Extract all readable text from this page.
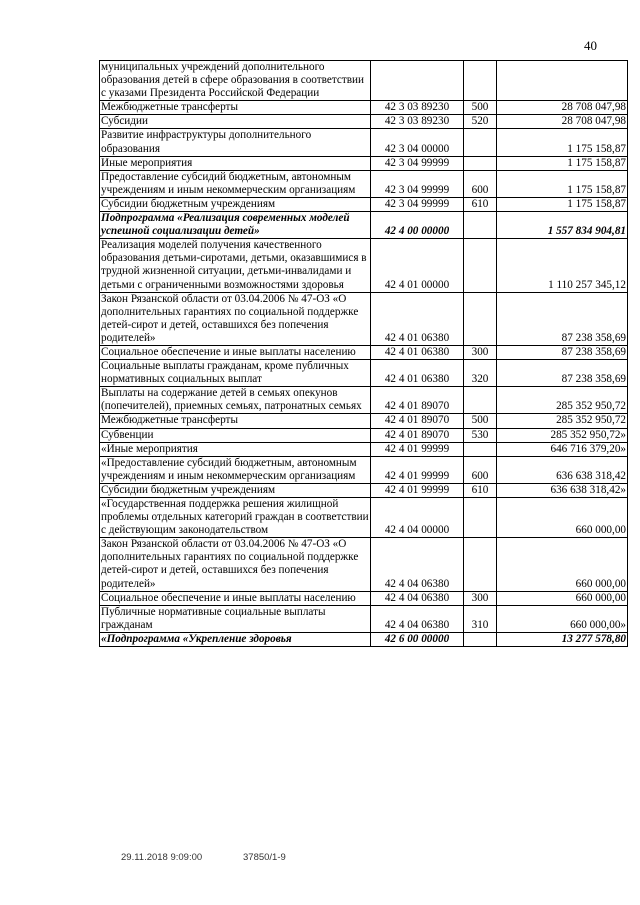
40
муниципальных учреждений дополнительного образования детей в сфере образования в соответствии с указами Президента Российской Федерации			
Межбюджетные трансферты	42 3 03 89230	500	28 708 047,98
Субсидии	42 3 03 89230	520	28 708 047,98
Развитие инфраструктуры дополнительного образования	42 3 04 00000		1 175 158,87
Иные мероприятия	42 3 04 99999		1 175 158,87
Предоставление субсидий бюджетным, автономным учреждениям и иным некоммерческим организациям	42 3 04 99999	600	1 175 158,87
Субсидии бюджетным учреждениям	42 3 04 99999	610	1 175 158,87
Подпрограмма «Реализация современных моделей успешной социализации детей»	42 4 00 00000		1 557 834 904,81
Реализация моделей получения качественного образования детьми-сиротами, детьми, оказавшимися в трудной жизненной ситуации, детьми-инвалидами и детьми с ограниченными возможностями здоровья	42 4 01 00000		1 110 257 345,12
Закон Рязанской области от 03.04.2006 № 47-ОЗ «О дополнительных гарантиях по социальной поддержке детей-сирот и детей, оставшихся без попечения родителей»	42 4 01 06380		87 238 358,69
Социальное обеспечение и иные выплаты населению	42 4 01 06380	300	87 238 358,69
Социальные выплаты гражданам, кроме публичных нормативных социальных выплат	42 4 01 06380	320	87 238 358,69
Выплаты на содержание детей в семьях опекунов (попечителей), приемных семьях, патронатных семьях	42 4 01 89070		285 352 950,72
Межбюджетные трансферты	42 4 01 89070	500	285 352 950,72
Субвенции	42 4 01 89070	530	285 352 950,72»
«Иные мероприятия	42 4 01 99999		646 716 379,20»
«Предоставление субсидий бюджетным, автономным учреждениям и иным некоммерческим организациям	42 4 01 99999	600	636 638 318,42
Субсидии бюджетным учреждениям	42 4 01 99999	610	636 638 318,42»
«Государственная поддержка решения жилищной проблемы отдельных категорий граждан в соответствии с действующим законодательством	42 4 04 00000		660 000,00
Закон Рязанской области от 03.04.2006 № 47-ОЗ «О дополнительных гарантиях по социальной поддержке детей-сирот и детей, оставшихся без попечения родителей»	42 4 04 06380		660 000,00
Социальное обеспечение и иные выплаты населению	42 4 04 06380	300	660 000,00
Публичные нормативные социальные выплаты гражданам	42 4 04 06380	310	660 000,00»
«Подпрограмма «Укрепление здоровья	42 6 00 00000		13 277 578,80
29.11.2018 9:09:00	37850/1-9
